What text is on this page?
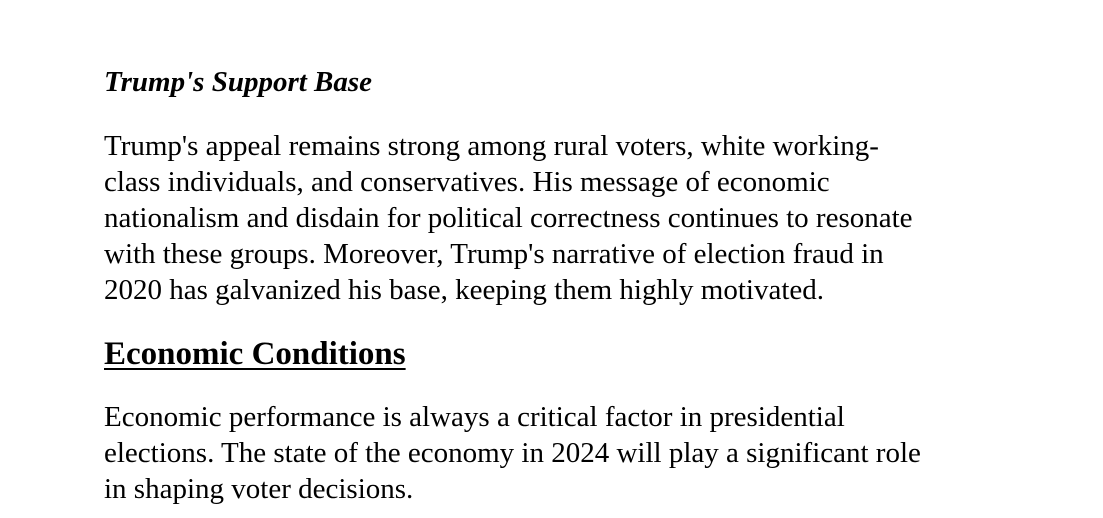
Trump's Support Base

Trump's appeal remains strong among rural voters, white working-
class individuals, and conservatives. His message of economic
nationalism and disdain for political correctness continues to resonate
with these groups. Moreover, Trump's narrative of election fraud in
2020 has galvanized his base, keeping them highly motivated.

Economic Conditions

Economic performance is always a critical factor in presidential
elections. The state of the economy in 2024 will play a significant role
in shaping voter decisions.
